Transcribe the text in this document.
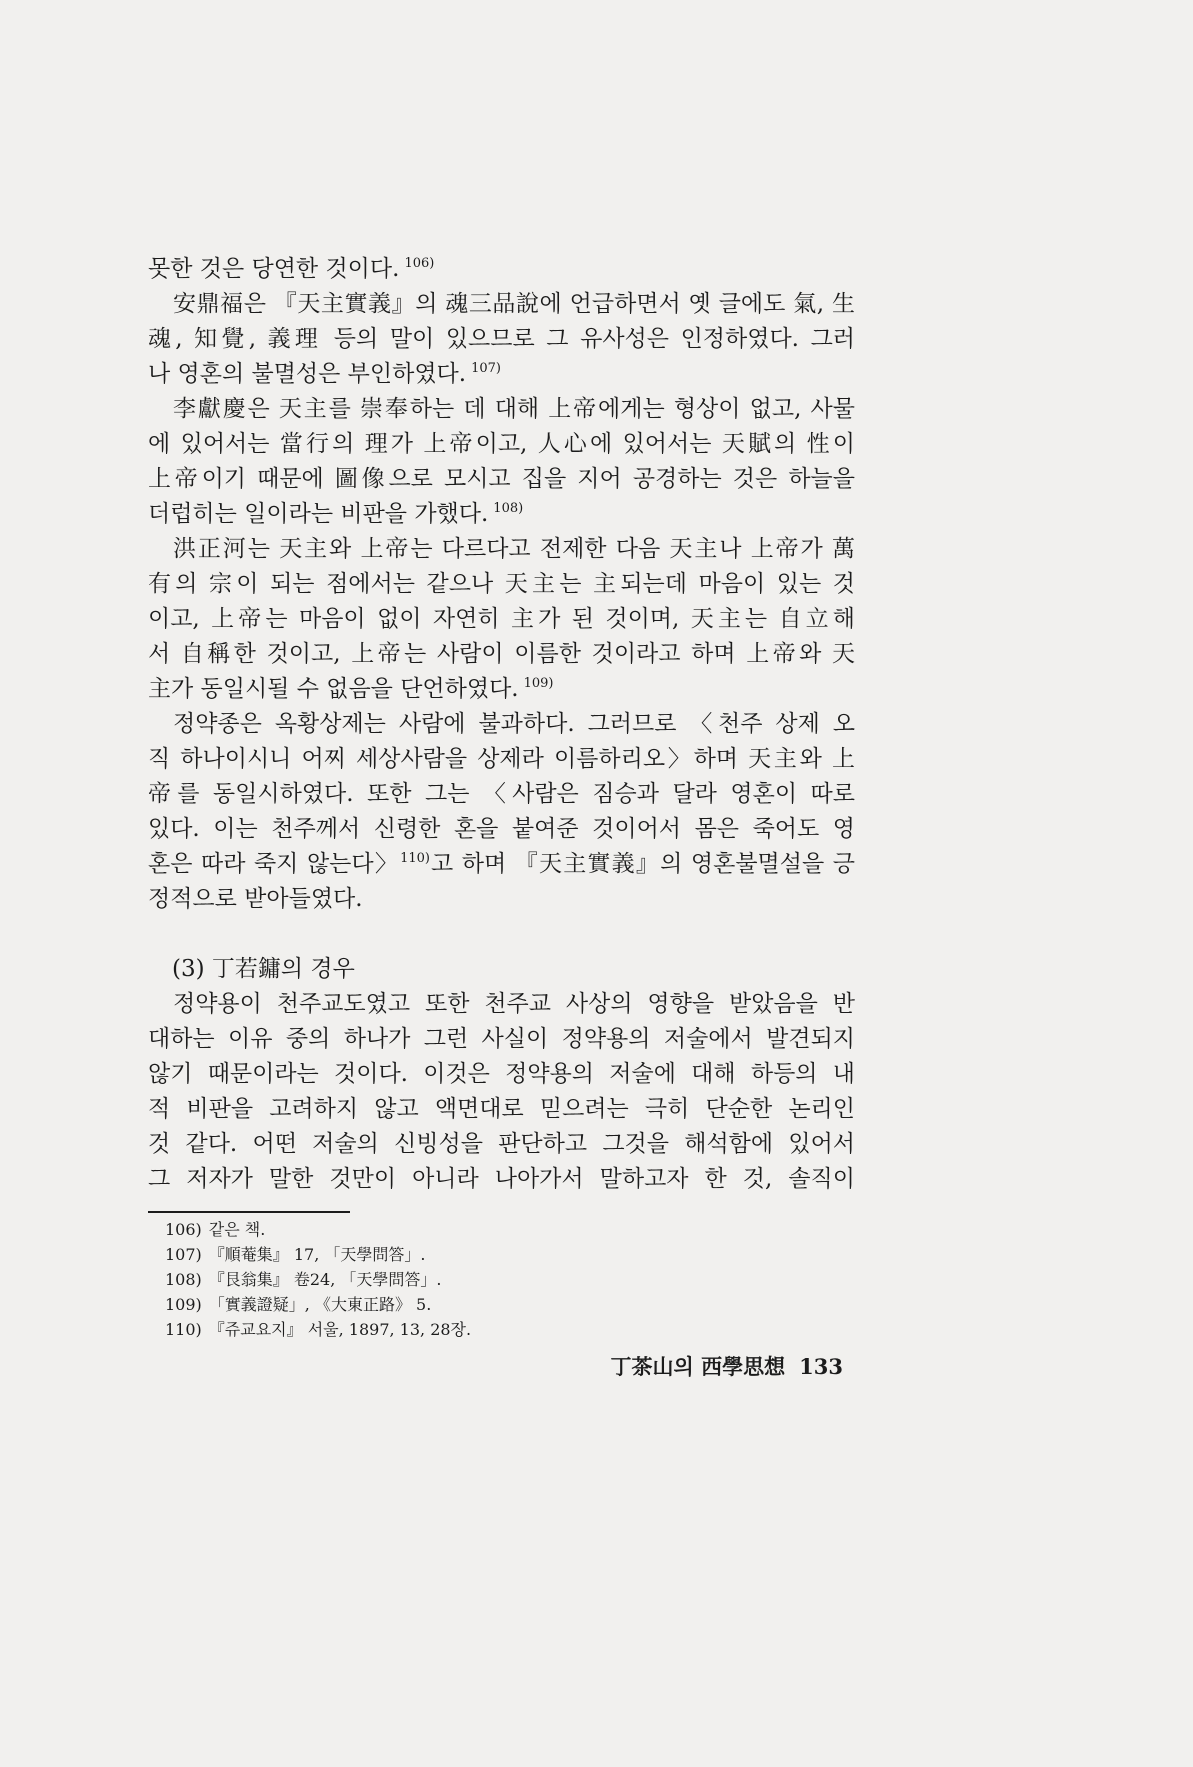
못한 것은 당연한 것이다. $^{106)}$
安鼎福은 『天主實義』의 魂三品說에 언급하면서 옛 글에도 氣, 生
魂, 知覺, 義理 등의 말이 있으므로 그 유사성은 인정하였다. 그러
나 영혼의 불멸성은 부인하였다. $^{107)}$
李獻慶은 天主를 崇奉하는 데 대해 上帝에게는 형상이 없고, 사물
에 있어서는 當行의 理가 上帝이고, 人心에 있어서는 天賦의 性이
上帝이기 때문에 圖像으로 모시고 집을 지어 공경하는 것은 하늘을
더럽히는 일이라는 비판을 가했다. $^{108)}$
洪正河는 天主와 上帝는 다르다고 전제한 다음 天主나 上帝가 萬
有의 宗이 되는 점에서는 같으나 天主는 主되는데 마음이 있는 것
이고, 上帝는 마음이 없이 자연히 主가 된 것이며, 天主는 自立해
서 自稱한 것이고, 上帝는 사람이 이름한 것이라고 하며 上帝와 天
主가 동일시될 수 없음을 단언하였다. $^{109)}$
정약종은 옥황상제는 사람에 불과하다. 그러므로 〈천주 상제 오
직 하나이시니 어찌 세상사람을 상제라 이름하리오〉하며 天主와 上
帝를 동일시하였다. 또한 그는 〈사람은 짐승과 달라 영혼이 따로
있다. 이는 천주께서 신령한 혼을 붙여준 것이어서 몸은 죽어도 영
혼은 따라 죽지 않는다〉$^{110)}$고 하며 『天主實義』의 영혼불멸설을 긍
정적으로 받아들였다.
(3) 丁若鏞의 경우
정약용이 천주교도였고 또한 천주교 사상의 영향을 받았음을 반
대하는 이유 중의 하나가 그런 사실이 정약용의 저술에서 발견되지
않기 때문이라는 것이다. 이것은 정약용의 저술에 대해 하등의 내
적 비판을 고려하지 않고 액면대로 믿으려는 극히 단순한 논리인
것 같다. 어떤 저술의 신빙성을 판단하고 그것을 해석함에 있어서
그 저자가 말한 것만이 아니라 나아가서 말하고자 한 것, 솔직이
106) 같은 책.
107) 『順菴集』 17, 「天學問答」.
108) 『艮翁集』 卷24, 「天學問答」.
109) 「實義證疑」, 《大東正路》 5.
110) 『쥬교요지』 서울, 1897, 13, 28장.
丁茶山의 西學思想 133
